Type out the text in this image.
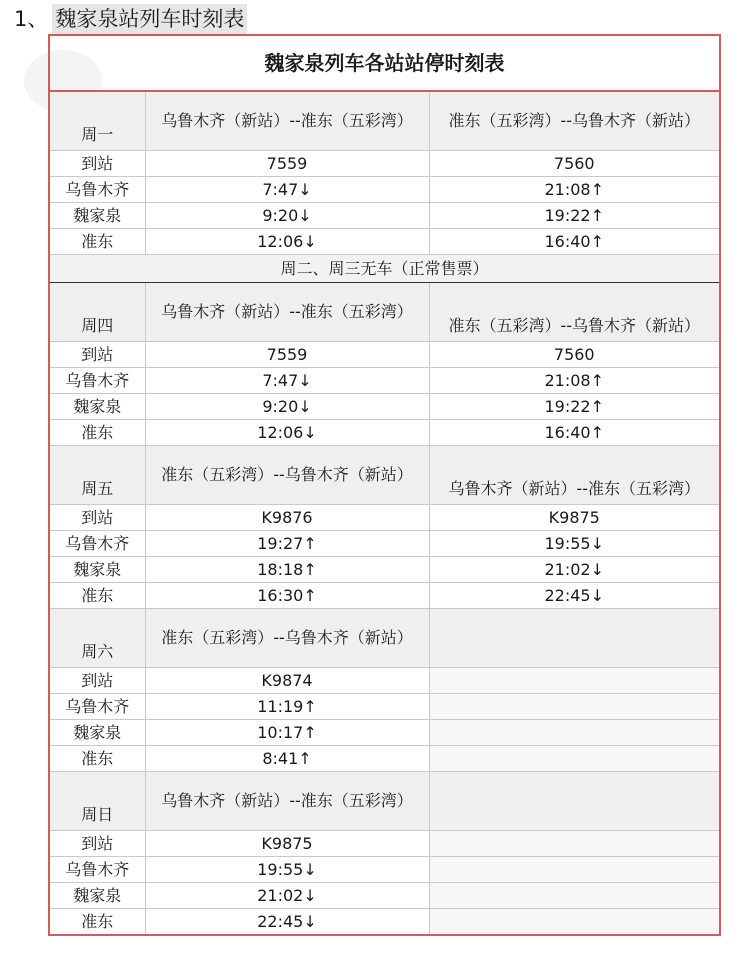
1、 魏家泉站列车时刻表
魏家泉列车各站站停时刻表		
周一	乌鲁木齐（新站）--准东（五彩湾）	准东（五彩湾）--乌鲁木齐（新站）
到站	7559	7560
乌鲁木齐	7:47↓	21:08↑
魏家泉	9:20↓	19:22↑
准东	12:06↓	16:40↑
周二、周三无车（正常售票）		
周四	乌鲁木齐（新站）--准东（五彩湾）	准东（五彩湾）--乌鲁木齐（新站）
到站	7559	7560
乌鲁木齐	7:47↓	21:08↑
魏家泉	9:20↓	19:22↑
准东	12:06↓	16:40↑
周五	准东（五彩湾）--乌鲁木齐（新站）	乌鲁木齐（新站）--准东（五彩湾）
到站	K9876	K9875
乌鲁木齐	19:27↑	19:55↓
魏家泉	18:18↑	21:02↓
准东	16:30↑	22:45↓
周六	准东（五彩湾）--乌鲁木齐（新站）	
到站	K9874	
乌鲁木齐	11:19↑	
魏家泉	10:17↑	
准东	8:41↑	
周日	乌鲁木齐（新站）--准东（五彩湾）	
到站	K9875	
乌鲁木齐	19:55↓	
魏家泉	21:02↓	
准东	22:45↓	
